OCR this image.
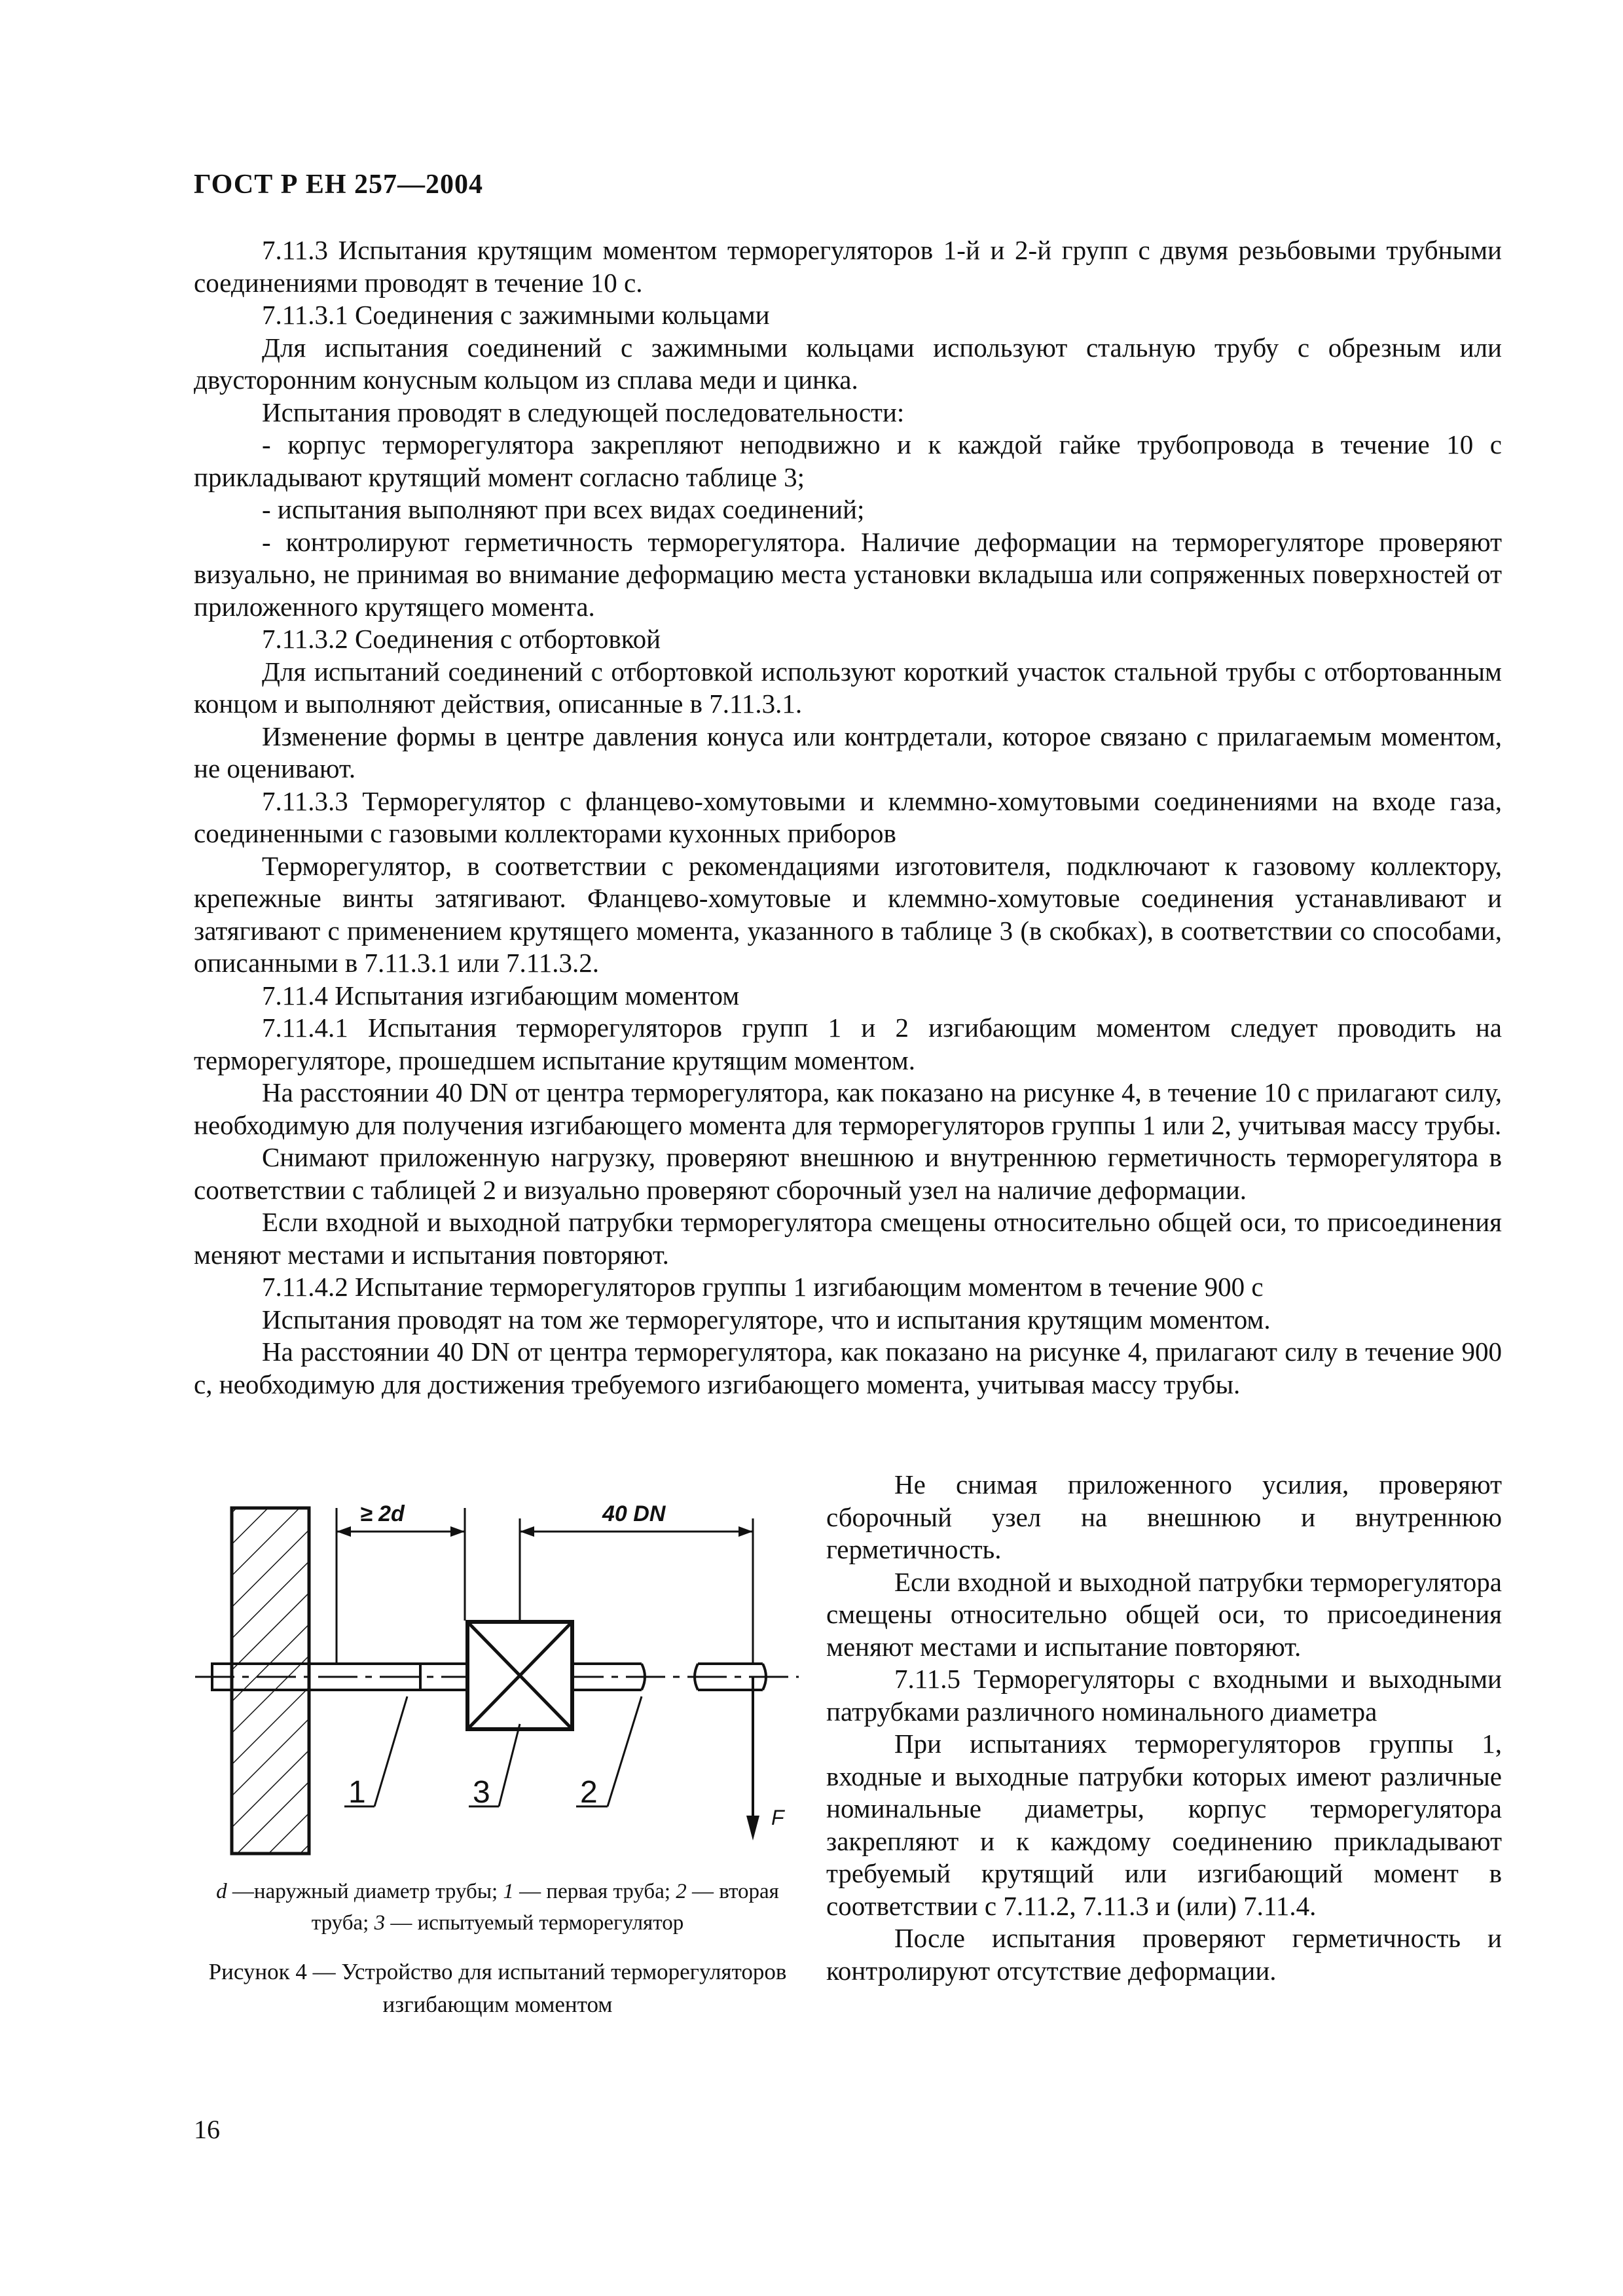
ГОСТ Р ЕН 257—2004

7.11.3 Испытания крутящим моментом терморегуляторов 1-й и 2-й групп с двумя резьбовыми трубными соединениями проводят в течение 10 с.

7.11.3.1 Соединения с зажимными кольцами

Для испытания соединений с зажимными кольцами используют стальную трубу с обрезным или двусторонним конусным кольцом из сплава меди и цинка.

Испытания проводят в следующей последовательности:

- корпус терморегулятора закрепляют неподвижно и к каждой гайке трубопровода в течение 10 с прикладывают крутящий момент согласно таблице 3;

- испытания выполняют при всех видах соединений;

- контролируют герметичность терморегулятора. Наличие деформации на терморегуляторе проверяют визуально, не принимая во внимание деформацию места установки вкладыша или сопряженных поверхностей от приложенного крутящего момента.

7.11.3.2 Соединения с отбортовкой

Для испытаний соединений с отбортовкой используют короткий участок стальной трубы с отбортованным концом и выполняют действия, описанные в 7.11.3.1.

Изменение формы в центре давления конуса или контрдетали, которое связано с прилагаемым моментом, не оценивают.

7.11.3.3 Терморегулятор с фланцево-хомутовыми и клеммно-хомутовыми соединениями на входе газа, соединенными с газовыми коллекторами кухонных приборов

Терморегулятор, в соответствии с рекомендациями изготовителя, подключают к газовому коллектору, крепежные винты затягивают. Фланцево-хомутовые и клеммно-хомутовые соединения устанавливают и затягивают с применением крутящего момента, указанного в таблице 3 (в скобках), в соответствии со способами, описанными в 7.11.3.1 или 7.11.3.2.

7.11.4 Испытания изгибающим моментом

7.11.4.1 Испытания терморегуляторов групп 1 и 2 изгибающим моментом следует проводить на терморегуляторе, прошедшем испытание крутящим моментом.

На расстоянии 40 DN от центра терморегулятора, как показано на рисунке 4, в течение 10 с прилагают силу, необходимую для получения изгибающего момента для терморегуляторов группы 1 или 2, учитывая массу трубы.

Снимают приложенную нагрузку, проверяют внешнюю и внутреннюю герметичность терморегулятора в соответствии с таблицей 2 и визуально проверяют сборочный узел на наличие деформации.

Если входной и выходной патрубки терморегулятора смещены относительно общей оси, то присоединения меняют местами и испытания повторяют.

7.11.4.2 Испытание терморегуляторов группы 1 изгибающим моментом в течение 900 с

Испытания проводят на том же терморегуляторе, что и испытания крутящим моментом.

На расстоянии 40 DN от центра терморегулятора, как показано на рисунке 4, прилагают силу в течение 900 с, необходимую для достижения требуемого изгибающего момента, учитывая массу трубы.

≥ 2d	40 DN
F
1	3	2
d —наружный диаметр трубы; 1 — первая труба; 2 — вторая труба; 3 — испытуемый терморегулятор
Рисунок 4 — Устройство для испытаний терморегуляторов изгибающим моментом

Не снимая приложенного усилия, проверяют сборочный узел на внешнюю и внутреннюю герметичность.

Если входной и выходной патрубки терморегулятора смещены относительно общей оси, то присоединения меняют местами и испытание повторяют.

7.11.5 Терморегуляторы с входными и выходными патрубками различного номинального диаметра

При испытаниях терморегуляторов группы 1, входные и выходные патрубки которых имеют различные номинальные диаметры, корпус терморегулятора закрепляют и к каждому соединению прикладывают требуемый крутящий или изгибающий момент в соответствии с 7.11.2, 7.11.3 и (или) 7.11.4.

После испытания проверяют герметичность и контролируют отсутствие деформации.

16
